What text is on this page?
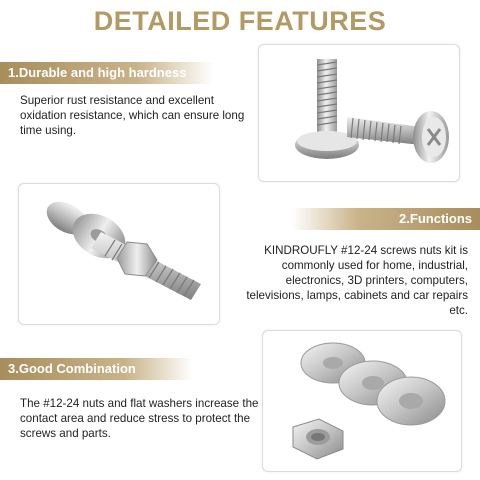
DETAILED FEATURES
1.Durable and high hardness
Superior rust resistance and excellent oxidation resistance, which can ensure long time using.
2.Functions
KINDROUFLY #12-24 screws nuts kit is commonly used for home, industrial, electronics, 3D printers, computers, televisions, lamps, cabinets and car repairs etc.
3.Good Combination
The #12-24 nuts and flat washers increase the contact area and reduce stress to protect the screws and parts.
